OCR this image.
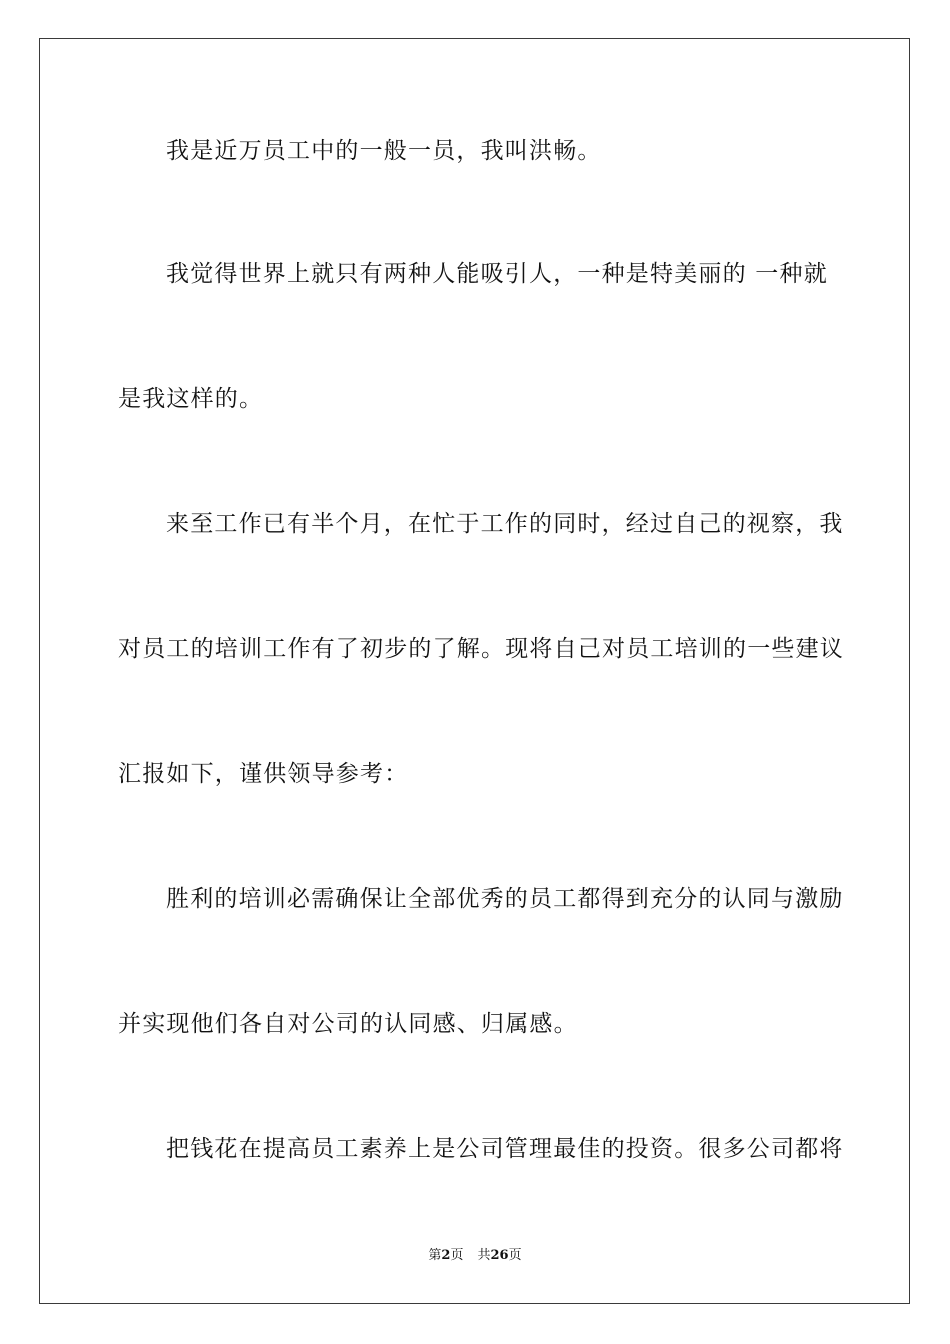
我是近万员工中的一般一员，我叫洪畅。
我觉得世界上就只有两种人能吸引人，一种是特美丽的 一种就
是我这样的。
来至工作已有半个月，在忙于工作的同时，经过自己的视察，我
对员工的培训工作有了初步的了解。现将自己对员工培训的一些建议
汇报如下，谨供领导参考：
胜利的培训必需确保让全部优秀的员工都得到充分的认同与激励
并实现他们各自对公司的认同感、归属感。
把钱花在提高员工素养上是公司管理最佳的投资。很多公司都将
第2页 共26页
